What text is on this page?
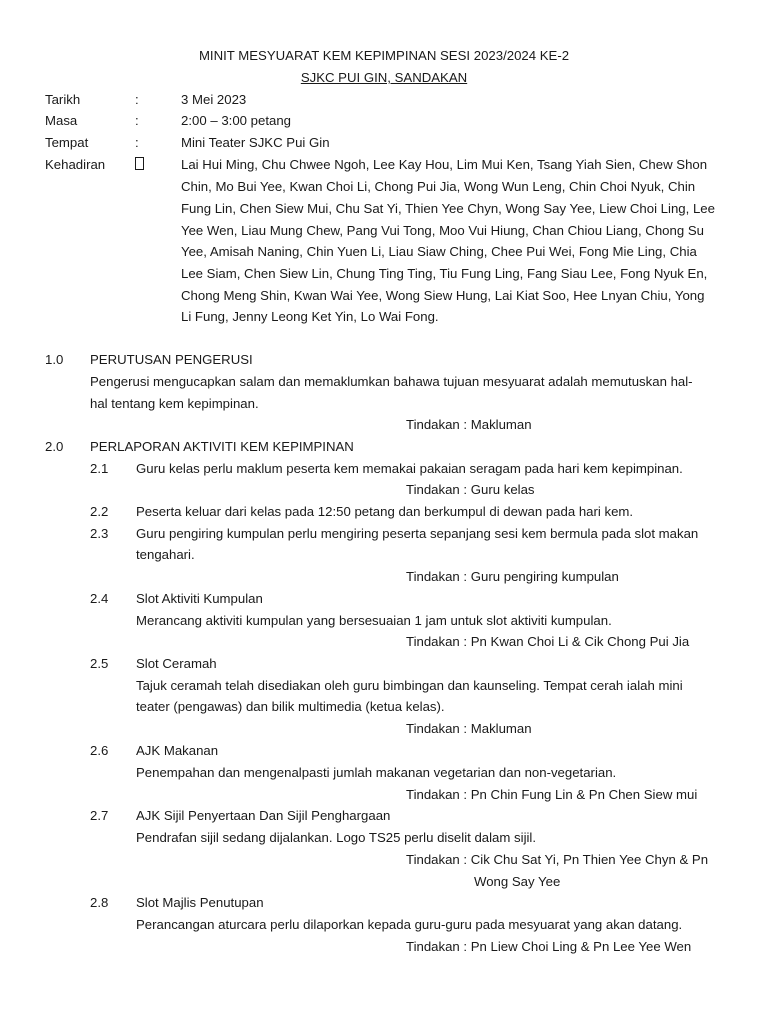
MINIT MESYUARAT KEM KEPIMPINAN SESI 2023/2024 KE-2
SJKC PUI GIN, SANDAKAN
Tarikh	:	3 Mei 2023
Masa	:	2:00 – 3:00 petang
Tempat	:	Mini Teater SJKC Pui Gin
Kehadiran	Lai Hui Ming, Chu Chwee Ngoh, Lee Kay Hou, Lim Mui Ken, Tsang Yiah Sien, Chew Shon
Chin, Mo Bui Yee, Kwan Choi Li, Chong Pui Jia, Wong Wun Leng, Chin Choi Nyuk, Chin
Fung Lin, Chen Siew Mui, Chu Sat Yi, Thien Yee Chyn, Wong Say Yee, Liew Choi Ling, Lee
Yee Wen, Liau Mung Chew, Pang Vui Tong, Moo Vui Hiung, Chan Chiou Liang, Chong Su
Yee, Amisah Naning, Chin Yuen Li, Liau Siaw Ching, Chee Pui Wei, Fong Mie Ling, Chia
Lee Siam, Chen Siew Lin, Chung Ting Ting, Tiu Fung Ling, Fang Siau Lee, Fong Nyuk En,
Chong Meng Shin, Kwan Wai Yee, Wong Siew Hung, Lai Kiat Soo, Hee Lnyan Chiu, Yong
Li Fung, Jenny Leong Ket Yin, Lo Wai Fong.
1.0 PERUTUSAN PENGERUSI
Pengerusi mengucapkan salam dan memaklumkan bahawa tujuan mesyuarat adalah memutuskan hal-
hal tentang kem kepimpinan.
Tindakan : Makluman
2.0 PERLAPORAN AKTIVITI KEM KEPIMPINAN
2.1 Guru kelas perlu maklum peserta kem memakai pakaian seragam pada hari kem kepimpinan.
Tindakan : Guru kelas
2.2 Peserta keluar dari kelas pada 12:50 petang dan berkumpul di dewan pada hari kem.
2.3 Guru pengiring kumpulan perlu mengiring peserta sepanjang sesi kem bermula pada slot makan
tengahari.
Tindakan : Guru pengiring kumpulan
2.4 Slot Aktiviti Kumpulan
Merancang aktiviti kumpulan yang bersesuaian 1 jam untuk slot aktiviti kumpulan.
Tindakan : Pn Kwan Choi Li & Cik Chong Pui Jia
2.5 Slot Ceramah
Tajuk ceramah telah disediakan oleh guru bimbingan dan kaunseling. Tempat cerah ialah mini
teater (pengawas) dan bilik multimedia (ketua kelas).
Tindakan : Makluman
2.6 AJK Makanan
Penempahan dan mengenalpasti jumlah makanan vegetarian dan non-vegetarian.
Tindakan : Pn Chin Fung Lin & Pn Chen Siew mui
2.7 AJK Sijil Penyertaan Dan Sijil Penghargaan
Pendrafan sijil sedang dijalankan. Logo TS25 perlu diselit dalam sijil.
Tindakan : Cik Chu Sat Yi, Pn Thien Yee Chyn & Pn
Wong Say Yee
2.8 Slot Majlis Penutupan
Perancangan aturcara perlu dilaporkan kepada guru-guru pada mesyuarat yang akan datang.
Tindakan : Pn Liew Choi Ling & Pn Lee Yee Wen
